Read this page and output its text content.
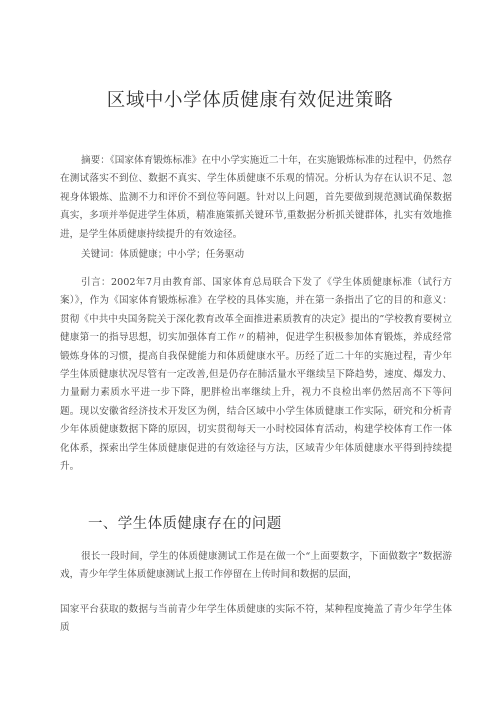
区域中小学体质健康有效促进策略
摘要：《国家体育锻炼标准》在中小学实施近二十年，在实施锻炼标准的过程中，仍然存在测试落实不到位、数据不真实、学生体质健康不乐观的情况。分析认为存在认识不足、忽视身体锻炼、监测不力和评价不到位等问题。针对以上问题，首先要做到规范测试确保数据真实，多项并举促进学生体质，精准施策抓关键环节,重数据分析抓关键群体，扎实有效地推进，是学生体质健康持续提升的有效途径。
关键词：体质健康；中小学；任务驱动
引言：2002年7月由教育部、国家体育总局联合下发了《学生体质健康标准（试行方案）》，作为《国家体育锻炼标准》在学校的具体实施，并在第一条指出了它的目的和意义：贯彻《中共中央国务院关于深化教育改革全面推进素质教育的决定》提出的”学校教育要树立健康第一的指导思想，切实加强体育工作〃的精神，促进学生积极参加体育锻炼，养成经常锻炼身体的习惯，提高自我保健能力和体质健康水平。历经了近二十年的实施过程，青少年学生体质健康状况尽管有一定改善,但是仍存在肺活量水平继续呈下降趋势，速度、爆发力、力量耐力素质水平进一步下降，肥胖检出率继续上升，视力不良检出率仍然居高不下等问题。现以安徽省经济技术开发区为例，结合区域中小学生体质健康工作实际，研究和分析青少年体质健康数据下降的原因，切实贯彻每天一小时校园体育活动，构建学校体育工作一体化体系，探索出学生体质健康促进的有效途径与方法，区域青少年体质健康水平得到持续提升。
一、学生体质健康存在的问题
很长一段时间，学生的体质健康测试工作是在做一个“上面要数字，下面做数字”数据游戏，青少年学生体质健康测试上报工作停留在上传时间和数据的层面，
国家平台获取的数据与当前青少年学生体质健康的实际不符，某种程度掩盖了青少年学生体质
